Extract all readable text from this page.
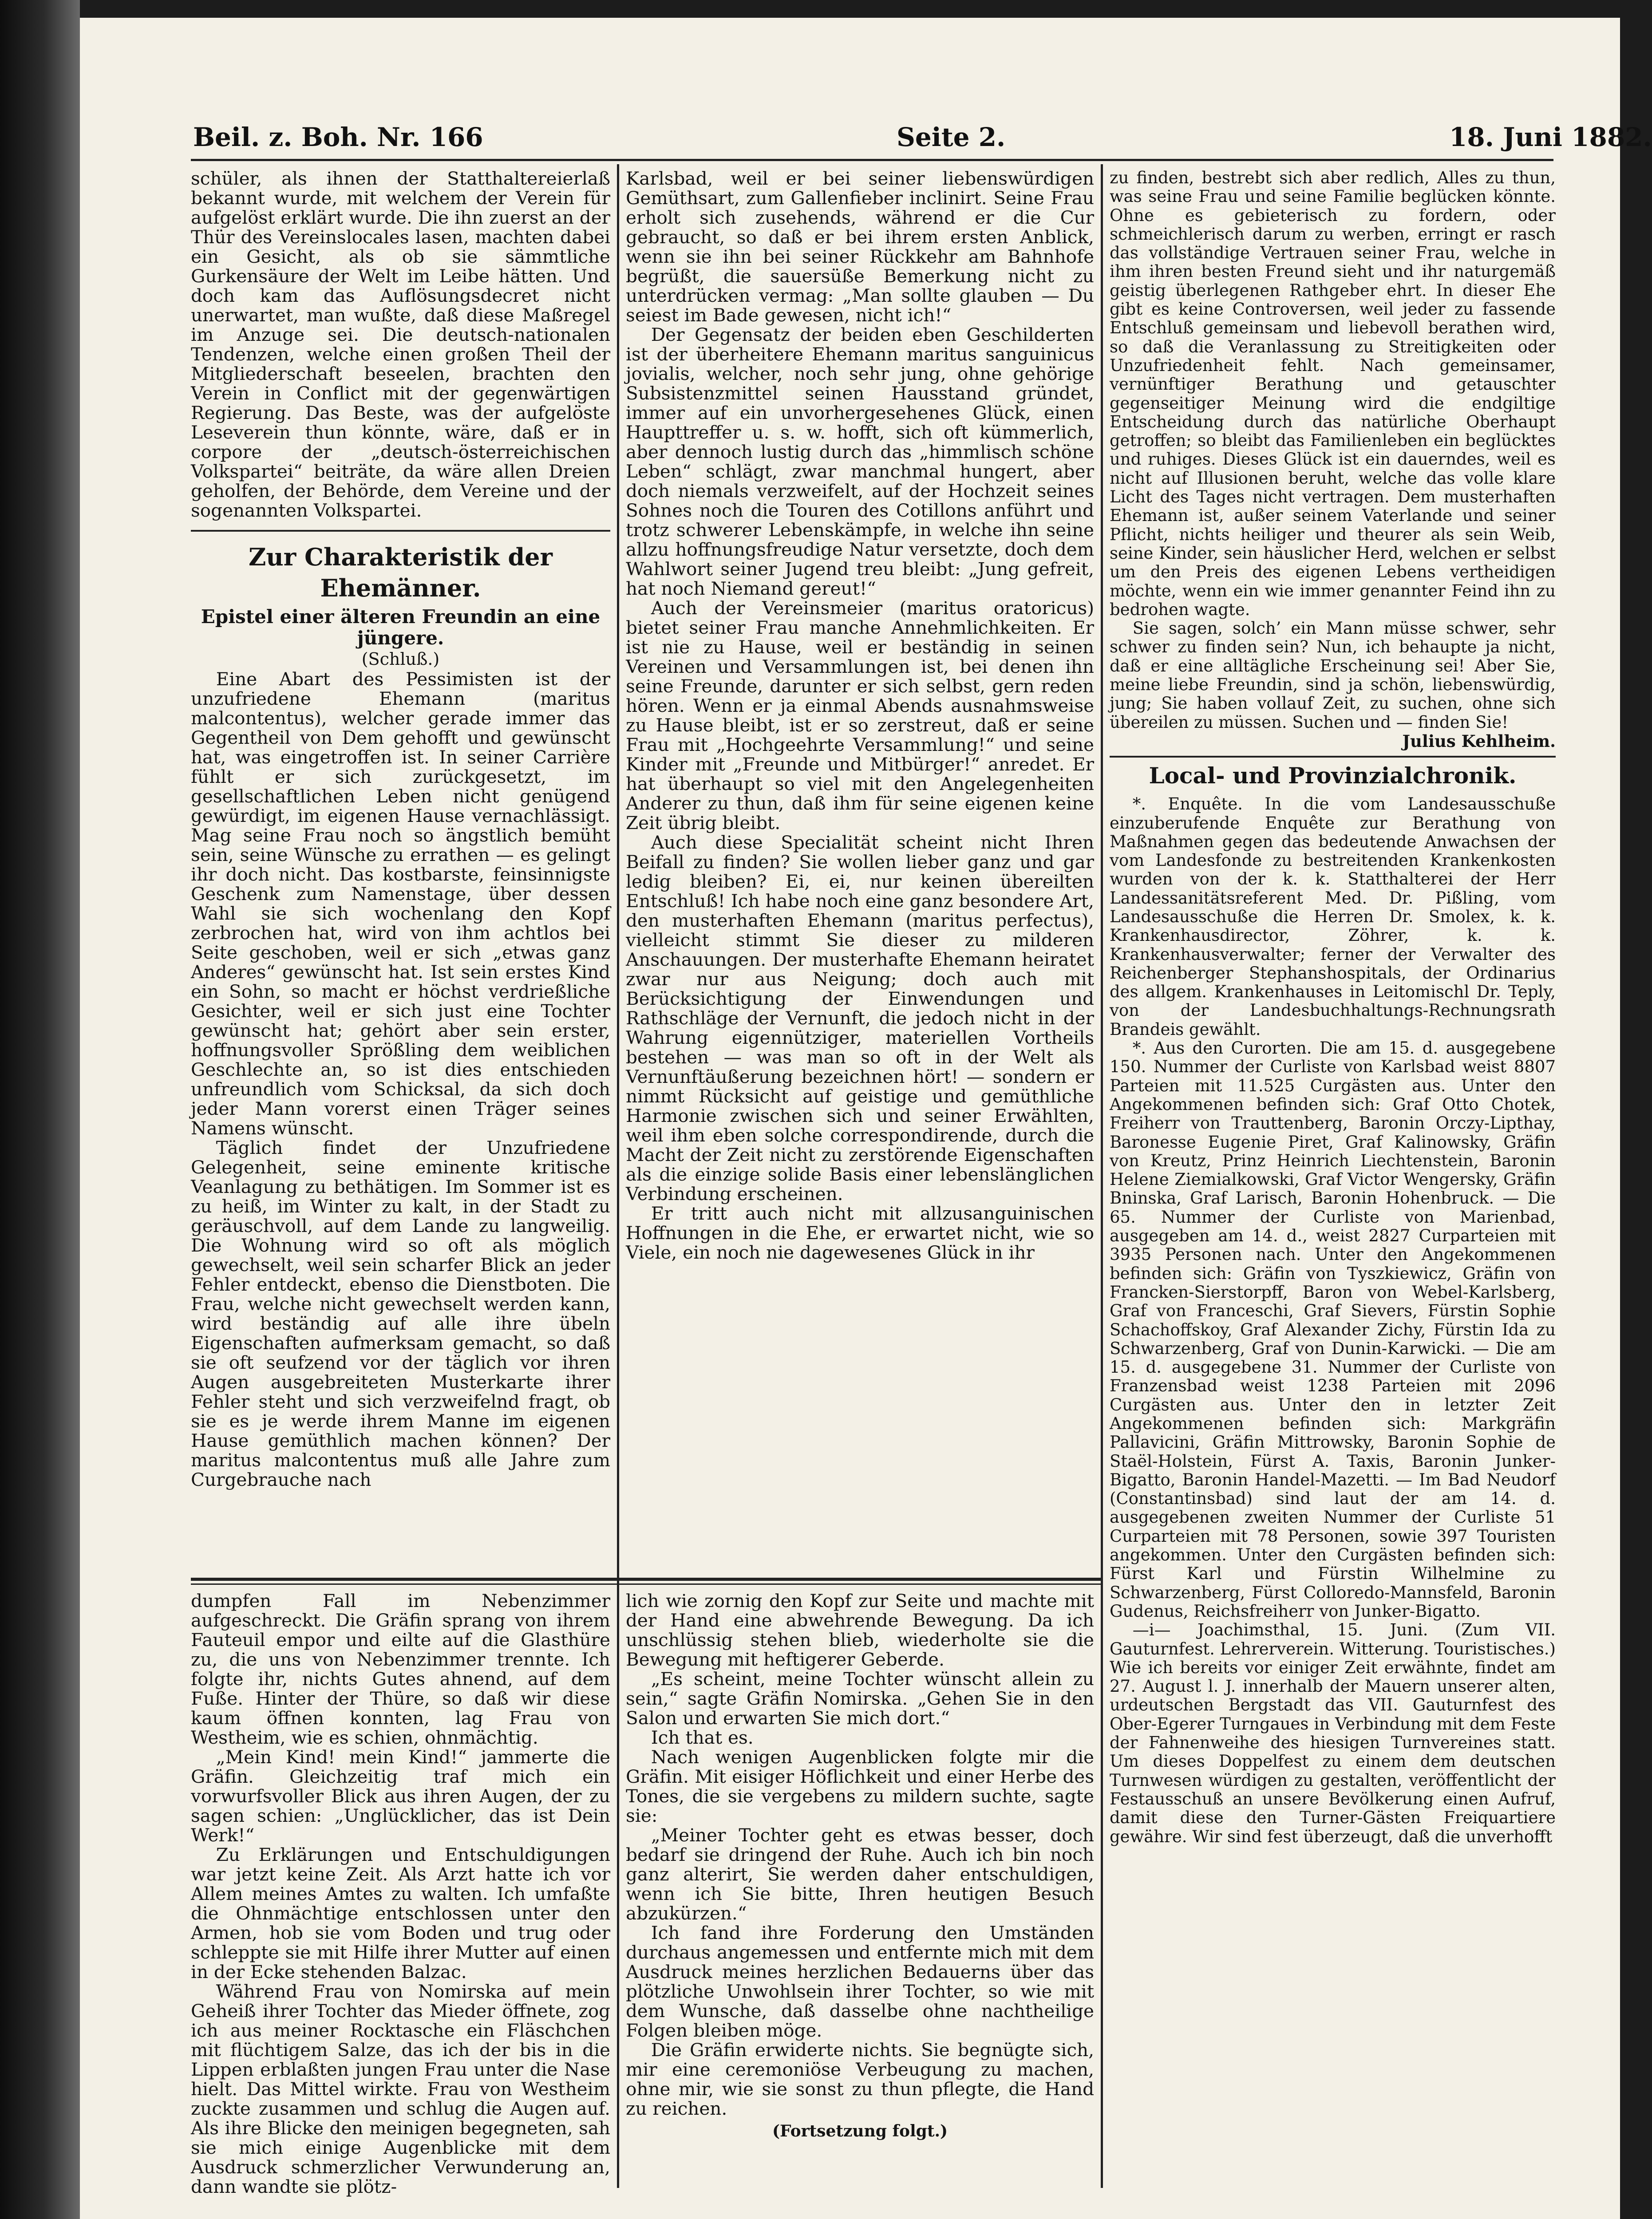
Beil. z. Boh. Nr. 166	Seite 2.	18. Juni 1882.

schüler, als ihnen der Statthaltereierlaß bekannt wurde, mit welchem der Verein für aufgelöst erklärt wurde. Die ihn zuerst an der Thür des Vereinslocales lasen, machten dabei ein Gesicht, als ob sie sämmtliche Gurkensäure der Welt im Leibe hätten. Und doch kam das Auflösungsdecret nicht unerwartet, man wußte, daß diese Maßregel im Anzuge sei. Die deutsch-nationalen Tendenzen, welche einen großen Theil der Mitgliederschaft beseelen, brachten den Verein in Conflict mit der gegenwärtigen Regierung. Das Beste, was der aufgelöste Leseverein thun könnte, wäre, daß er in corpore der „deutsch-österreichischen Volkspartei“ beiträte, da wäre allen Dreien geholfen, der Behörde, dem Vereine und der sogenannten Volkspartei.

Zur Charakteristik der Ehemänner.
Epistel einer älteren Freundin an eine jüngere.
(Schluß.)

Eine Abart des Pessimisten ist der unzufriedene Ehemann (maritus malcontentus), welcher gerade immer das Gegentheil von Dem gehofft und gewünscht hat, was eingetroffen ist. In seiner Carrière fühlt er sich zurückgesetzt, im gesellschaftlichen Leben nicht genügend gewürdigt, im eigenen Hause vernachlässigt. Mag seine Frau noch so ängstlich bemüht sein, seine Wünsche zu errathen — es gelingt ihr doch nicht. Das kostbarste, feinsinnigste Geschenk zum Namenstage, über dessen Wahl sie sich wochenlang den Kopf zerbrochen hat, wird von ihm achtlos bei Seite geschoben, weil er sich „etwas ganz Anderes“ gewünscht hat. Ist sein erstes Kind ein Sohn, so macht er höchst verdrießliche Gesichter, weil er sich just eine Tochter gewünscht hat; gehört aber sein erster, hoffnungsvoller Sprößling dem weiblichen Geschlechte an, so ist dies entschieden unfreundlich vom Schicksal, da sich doch jeder Mann vorerst einen Träger seines Namens wünscht.

Täglich findet der Unzufriedene Gelegenheit, seine eminente kritische Veanlagung zu bethätigen. Im Sommer ist es zu heiß, im Winter zu kalt, in der Stadt zu geräuschvoll, auf dem Lande zu langweilig. Die Wohnung wird so oft als möglich gewechselt, weil sein scharfer Blick an jeder Fehler entdeckt, ebenso die Dienstboten. Die Frau, welche nicht gewechselt werden kann, wird beständig auf alle ihre übeln Eigenschaften aufmerksam gemacht, so daß sie oft seufzend vor der täglich vor ihren Augen ausgebreiteten Musterkarte ihrer Fehler steht und sich verzweifelnd fragt, ob sie es je werde ihrem Manne im eigenen Hause gemüthlich machen können? Der maritus malcontentus muß alle Jahre zum Curgebrauche nach

Karlsbad, weil er bei seiner liebenswürdigen Gemüthsart, zum Gallenfieber inclinirt. Seine Frau erholt sich zusehends, während er die Cur gebraucht, so daß er bei ihrem ersten Anblick, wenn sie ihn bei seiner Rückkehr am Bahnhofe begrüßt, die sauersüße Bemerkung nicht zu unterdrücken vermag: „Man sollte glauben — Du seiest im Bade gewesen, nicht ich!“

Der Gegensatz der beiden eben Geschilderten ist der überheitere Ehemann maritus sanguinicus jovialis, welcher, noch sehr jung, ohne gehörige Subsistenzmittel seinen Hausstand gründet, immer auf ein unvorhergesehenes Glück, einen Haupttreffer u. s. w. hofft, sich oft kümmerlich, aber dennoch lustig durch das „himmlisch schöne Leben“ schlägt, zwar manchmal hungert, aber doch niemals verzweifelt, auf der Hochzeit seines Sohnes noch die Touren des Cotillons anführt und trotz schwerer Lebenskämpfe, in welche ihn seine allzu hoffnungsfreudige Natur versetzte, doch dem Wahlwort seiner Jugend treu bleibt: „Jung gefreit, hat noch Niemand gereut!“

Auch der Vereinsmeier (maritus oratoricus) bietet seiner Frau manche Annehmlichkeiten. Er ist nie zu Hause, weil er beständig in seinen Vereinen und Versammlungen ist, bei denen ihn seine Freunde, darunter er sich selbst, gern reden hören. Wenn er ja einmal Abends ausnahmsweise zu Hause bleibt, ist er so zerstreut, daß er seine Frau mit „Hochgeehrte Versammlung!“ und seine Kinder mit „Freunde und Mitbürger!“ anredet. Er hat überhaupt so viel mit den Angelegenheiten Anderer zu thun, daß ihm für seine eigenen keine Zeit übrig bleibt.

Auch diese Specialität scheint nicht Ihren Beifall zu finden? Sie wollen lieber ganz und gar ledig bleiben? Ei, ei, nur keinen übereilten Entschluß! Ich habe noch eine ganz besondere Art, den musterhaften Ehemann (maritus perfectus), vielleicht stimmt Sie dieser zu milderen Anschauungen. Der musterhafte Ehemann heiratet zwar nur aus Neigung; doch auch mit Berücksichtigung der Einwendungen und Rathschläge der Vernunft, die jedoch nicht in der Wahrung eigennütziger, materiellen Vortheils bestehen — was man so oft in der Welt als Vernunftäußerung bezeichnen hört! — sondern er nimmt Rücksicht auf geistige und gemüthliche Harmonie zwischen sich und seiner Erwählten, weil ihm eben solche correspondirende, durch die Macht der Zeit nicht zu zerstörende Eigenschaften als die einzige solide Basis einer lebenslänglichen Verbindung erscheinen.

Er tritt auch nicht mit allzusanguinischen Hoffnungen in die Ehe, er erwartet nicht, wie so Viele, ein noch nie dagewesenes Glück in ihr

zu finden, bestrebt sich aber redlich, Alles zu thun, was seine Frau und seine Familie beglücken könnte. Ohne es gebieterisch zu fordern, oder schmeichlerisch darum zu werben, erringt er rasch das vollständige Vertrauen seiner Frau, welche in ihm ihren besten Freund sieht und ihr naturgemäß geistig überlegenen Rathgeber ehrt. In dieser Ehe gibt es keine Controversen, weil jeder zu fassende Entschluß gemeinsam und liebevoll berathen wird, so daß die Veranlassung zu Streitigkeiten oder Unzufriedenheit fehlt. Nach gemeinsamer, vernünftiger Berathung und getauschter gegenseitiger Meinung wird die endgiltige Entscheidung durch das natürliche Oberhaupt getroffen; so bleibt das Familienleben ein beglücktes und ruhiges. Dieses Glück ist ein dauerndes, weil es nicht auf Illusionen beruht, welche das volle klare Licht des Tages nicht vertragen. Dem musterhaften Ehemann ist, außer seinem Vaterlande und seiner Pflicht, nichts heiliger und theurer als sein Weib, seine Kinder, sein häuslicher Herd, welchen er selbst um den Preis des eigenen Lebens vertheidigen möchte, wenn ein wie immer genannter Feind ihn zu bedrohen wagte.

Sie sagen, solch’ ein Mann müsse schwer, sehr schwer zu finden sein? Nun, ich behaupte ja nicht, daß er eine alltägliche Erscheinung sei! Aber Sie, meine liebe Freundin, sind ja schön, liebenswürdig, jung; Sie haben vollauf Zeit, zu suchen, ohne sich übereilen zu müssen. Suchen und — finden Sie!

Julius Kehlheim.

Local- und Provinzialchronik.

*. Enquête. In die vom Landesausschuße einzuberufende Enquête zur Berathung von Maßnahmen gegen das bedeutende Anwachsen der vom Landesfonde zu bestreitenden Krankenkosten wurden von der k. k. Statthalterei der Herr Landessanitätsreferent Med. Dr. Pißling, vom Landesausschuße die Herren Dr. Smolex, k. k. Krankenhausdirector, Zöhrer, k. k. Krankenhausverwalter; ferner der Verwalter des Reichenberger Stephanshospitals, der Ordinarius des allgem. Krankenhauses in Leitomischl Dr. Teply, von der Landesbuchhaltungs-Rechnungsrath Brandeis gewählt.

*. Aus den Curorten. Die am 15. d. ausgegebene 150. Nummer der Curliste von Karlsbad weist 8807 Parteien mit 11.525 Curgästen aus. Unter den Angekommenen befinden sich: Graf Otto Chotek, Freiherr von Trauttenberg, Baronin Orczy-Lipthay, Baronesse Eugenie Piret, Graf Kalinowsky, Gräfin von Kreutz, Prinz Heinrich Liechtenstein, Baronin Helene Ziemialkowski, Graf Victor Wengersky, Gräfin Bninska, Graf Larisch, Baronin Hohenbruck. — Die 65. Nummer der Curliste von Marienbad, ausgegeben am 14. d., weist 2827 Curparteien mit 3935 Personen nach. Unter den Angekommenen befinden sich: Gräfin von Tyszkiewicz, Gräfin von Francken-Sierstorpff, Baron von Webel-Karlsberg, Graf von Franceschi, Graf Sievers, Fürstin Sophie Schachoffskoy, Graf Alexander Zichy, Fürstin Ida zu Schwarzenberg, Graf von Dunin-Karwicki. — Die am 15. d. ausgegebene 31. Nummer der Curliste von Franzensbad weist 1238 Parteien mit 2096 Curgästen aus. Unter den in letzter Zeit Angekommenen befinden sich: Markgräfin Pallavicini, Gräfin Mittrowsky, Baronin Sophie de Staël-Holstein, Fürst A. Taxis, Baronin Junker-Bigatto, Baronin Handel-Mazetti. — Im Bad Neudorf (Constantinsbad) sind laut der am 14. d. ausgegebenen zweiten Nummer der Curliste 51 Curparteien mit 78 Personen, sowie 397 Touristen angekommen. Unter den Curgästen befinden sich: Fürst Karl und Fürstin Wilhelmine zu Schwarzenberg, Fürst Colloredo-Mannsfeld, Baronin Gudenus, Reichsfreiherr von Junker-Bigatto.

—i— Joachimsthal, 15. Juni. (Zum VII. Gauturnfest. Lehrerverein. Witterung. Touristisches.) Wie ich bereits vor einiger Zeit erwähnte, findet am 27. August l. J. innerhalb der Mauern unserer alten, urdeutschen Bergstadt das VII. Gauturnfest des Ober-Egerer Turngaues in Verbindung mit dem Feste der Fahnenweihe des hiesigen Turnvereines statt. Um dieses Doppelfest zu einem dem deutschen Turnwesen würdigen zu gestalten, veröffentlicht der Festausschuß an unsere Bevölkerung einen Aufruf, damit diese den Turner-Gästen Freiquartiere gewähre. Wir sind fest überzeugt, daß die unverhofft

dumpfen Fall im Nebenzimmer aufgeschreckt. Die Gräfin sprang von ihrem Fauteuil empor und eilte auf die Glasthüre zu, die uns von Nebenzimmer trennte. Ich folgte ihr, nichts Gutes ahnend, auf dem Fuße. Hinter der Thüre, so daß wir diese kaum öffnen konnten, lag Frau von Westheim, wie es schien, ohnmächtig.

„Mein Kind! mein Kind!“ jammerte die Gräfin. Gleichzeitig traf mich ein vorwurfsvoller Blick aus ihren Augen, der zu sagen schien: „Unglücklicher, das ist Dein Werk!“

Zu Erklärungen und Entschuldigungen war jetzt keine Zeit. Als Arzt hatte ich vor Allem meines Amtes zu walten. Ich umfaßte die Ohnmächtige entschlossen unter den Armen, hob sie vom Boden und trug oder schleppte sie mit Hilfe ihrer Mutter auf einen in der Ecke stehenden Balzac.

Während Frau von Nomirska auf mein Geheiß ihrer Tochter das Mieder öffnete, zog ich aus meiner Rocktasche ein Fläschchen mit flüchtigem Salze, das ich der bis in die Lippen erblaßten jungen Frau unter die Nase hielt. Das Mittel wirkte. Frau von Westheim zuckte zusammen und schlug die Augen auf. Als ihre Blicke den meinigen begegneten, sah sie mich einige Augenblicke mit dem Ausdruck schmerzlicher Verwunderung an, dann wandte sie plötz-

lich wie zornig den Kopf zur Seite und machte mit der Hand eine abwehrende Bewegung. Da ich unschlüssig stehen blieb, wiederholte sie die Bewegung mit heftigerer Geberde.

„Es scheint, meine Tochter wünscht allein zu sein,“ sagte Gräfin Nomirska. „Gehen Sie in den Salon und erwarten Sie mich dort.“

Ich that es.

Nach wenigen Augenblicken folgte mir die Gräfin. Mit eisiger Höflichkeit und einer Herbe des Tones, die sie vergebens zu mildern suchte, sagte sie:

„Meiner Tochter geht es etwas besser, doch bedarf sie dringend der Ruhe. Auch ich bin noch ganz alterirt, Sie werden daher entschuldigen, wenn ich Sie bitte, Ihren heutigen Besuch abzukürzen.“

Ich fand ihre Forderung den Umständen durchaus angemessen und entfernte mich mit dem Ausdruck meines herzlichen Bedauerns über das plötzliche Unwohlsein ihrer Tochter, so wie mit dem Wunsche, daß dasselbe ohne nachtheilige Folgen bleiben möge.

Die Gräfin erwiderte nichts. Sie begnügte sich, mir eine ceremoniöse Verbeugung zu machen, ohne mir, wie sie sonst zu thun pflegte, die Hand zu reichen.

(Fortsetzung folgt.)
